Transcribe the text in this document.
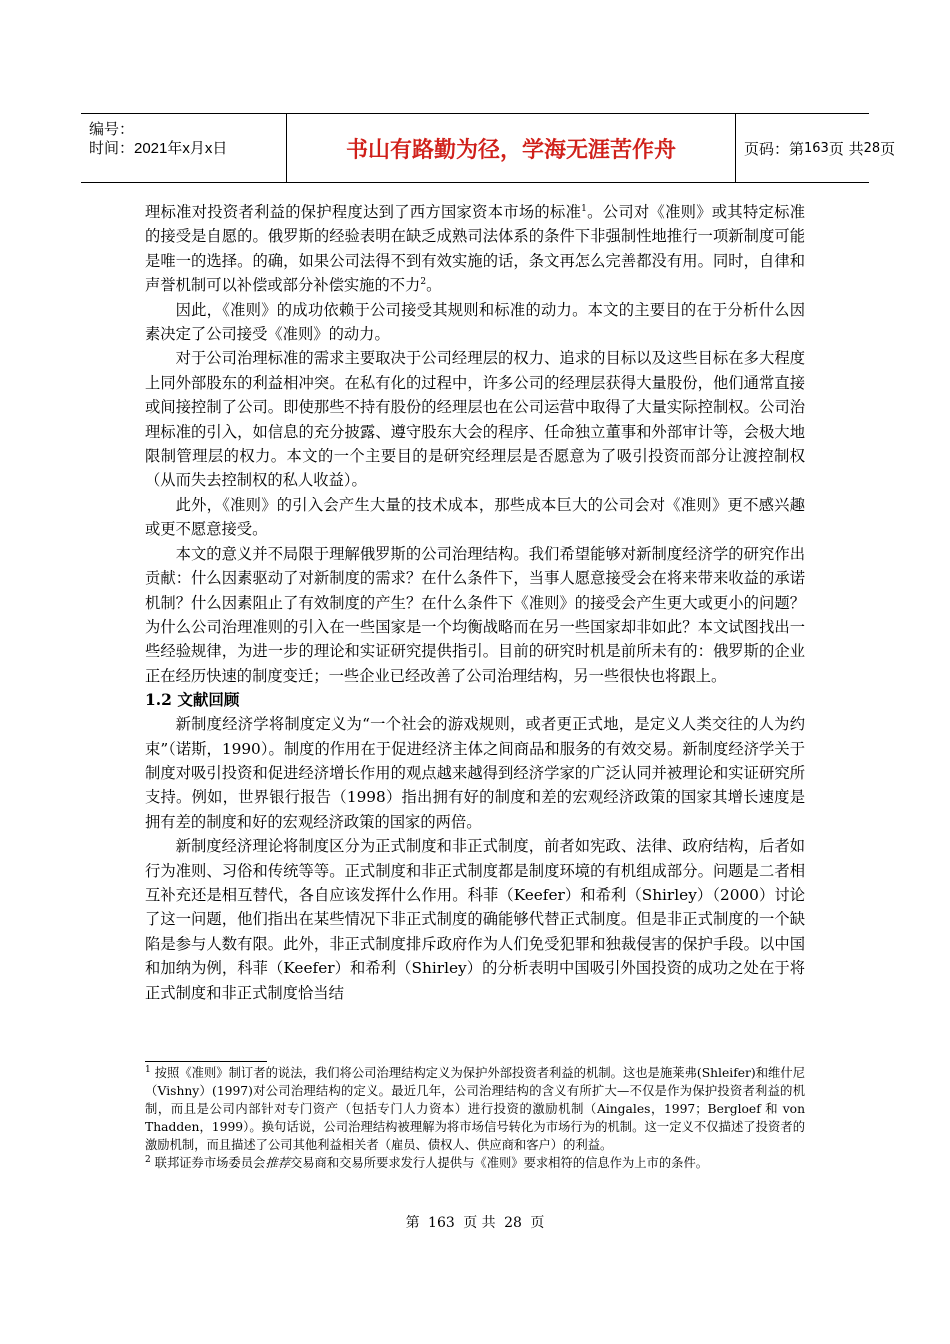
编号：
时间：2021年x月x日	书山有路勤为径，学海无涯苦作舟	页码：第 163 页 共 28 页

理标准对投资者利益的保护程度达到了西方国家资本市场的标准$^1$。公司对《准则》或其特定标准的接受是自愿的。俄罗斯的经验表明在缺乏成熟司法体系的条件下非强制性地推行一项新制度可能是唯一的选择。的确，如果公司法得不到有效实施的话，条文再怎么完善都没有用。同时，自律和声誉机制可以补偿或部分补偿实施的不力$^2$。

因此，《准则》的成功依赖于公司接受其规则和标准的动力。本文的主要目的在于分析什么因素决定了公司接受《准则》的动力。

对于公司治理标准的需求主要取决于公司经理层的权力、追求的目标以及这些目标在多大程度上同外部股东的利益相冲突。在私有化的过程中，许多公司的经理层获得大量股份，他们通常直接或间接控制了公司。即使那些不持有股份的经理层也在公司运营中取得了大量实际控制权。公司治理标准的引入，如信息的充分披露、遵守股东大会的程序、任命独立董事和外部审计等，会极大地限制管理层的权力。本文的一个主要目的是研究经理层是否愿意为了吸引投资而部分让渡控制权（从而失去控制权的私人收益）。

此外，《准则》的引入会产生大量的技术成本，那些成本巨大的公司会对《准则》更不感兴趣或更不愿意接受。

本文的意义并不局限于理解俄罗斯的公司治理结构。我们希望能够对新制度经济学的研究作出贡献：什么因素驱动了对新制度的需求？在什么条件下，当事人愿意接受会在将来带来收益的承诺机制？什么因素阻止了有效制度的产生？在什么条件下《准则》的接受会产生更大或更小的问题？为什么公司治理准则的引入在一些国家是一个均衡战略而在另一些国家却非如此？本文试图找出一些经验规律，为进一步的理论和实证研究提供指引。目前的研究时机是前所未有的：俄罗斯的企业正在经历快速的制度变迁；一些企业已经改善了公司治理结构，另一些很快也将跟上。

1.2 文献回顾

新制度经济学将制度定义为“一个社会的游戏规则，或者更正式地，是定义人类交往的人为约束”（诺斯，1990）。制度的作用在于促进经济主体之间商品和服务的有效交易。新制度经济学关于制度对吸引投资和促进经济增长作用的观点越来越得到经济学家的广泛认同并被理论和实证研究所支持。例如，世界银行报告（1998）指出拥有好的制度和差的宏观经济政策的国家其增长速度是拥有差的制度和好的宏观经济政策的国家的两倍。

新制度经济理论将制度区分为正式制度和非正式制度，前者如宪政、法律、政府结构，后者如行为准则、习俗和传统等等。正式制度和非正式制度都是制度环境的有机组成部分。问题是二者相互补充还是相互替代，各自应该发挥什么作用。科菲（Keefer）和希利（Shirley）（2000）讨论了这一问题，他们指出在某些情况下非正式制度的确能够代替正式制度。但是非正式制度的一个缺陷是参与人数有限。此外，非正式制度排斥政府作为人们免受犯罪和独裁侵害的保护手段。以中国和加纳为例，科菲（Keefer）和希利（Shirley）的分析表明中国吸引外国投资的成功之处在于将正式制度和非正式制度恰当结

$^1$ 按照《准则》制订者的说法，我们将公司治理结构定义为保护外部投资者利益的机制。这也是施莱弗(Shleifer)和维什尼（Vishny）(1997)对公司治理结构的定义。最近几年，公司治理结构的含义有所扩大—不仅是作为保护投资者利益的机制，而且是公司内部针对专门资产（包括专门人力资本）进行投资的激励机制（Aingales，1997；Bergloef 和 von Thadden，1999）。换句话说，公司治理结构被理解为将市场信号转化为市场行为的机制。这一定义不仅描述了投资者的激励机制，而且描述了公司其他利益相关者（雇员、债权人、供应商和客户）的利益。

$^2$ 联邦证券市场委员会推荐交易商和交易所要求发行人提供与《准则》要求相符的信息作为上市的条件。

第 163 页 共 28 页
